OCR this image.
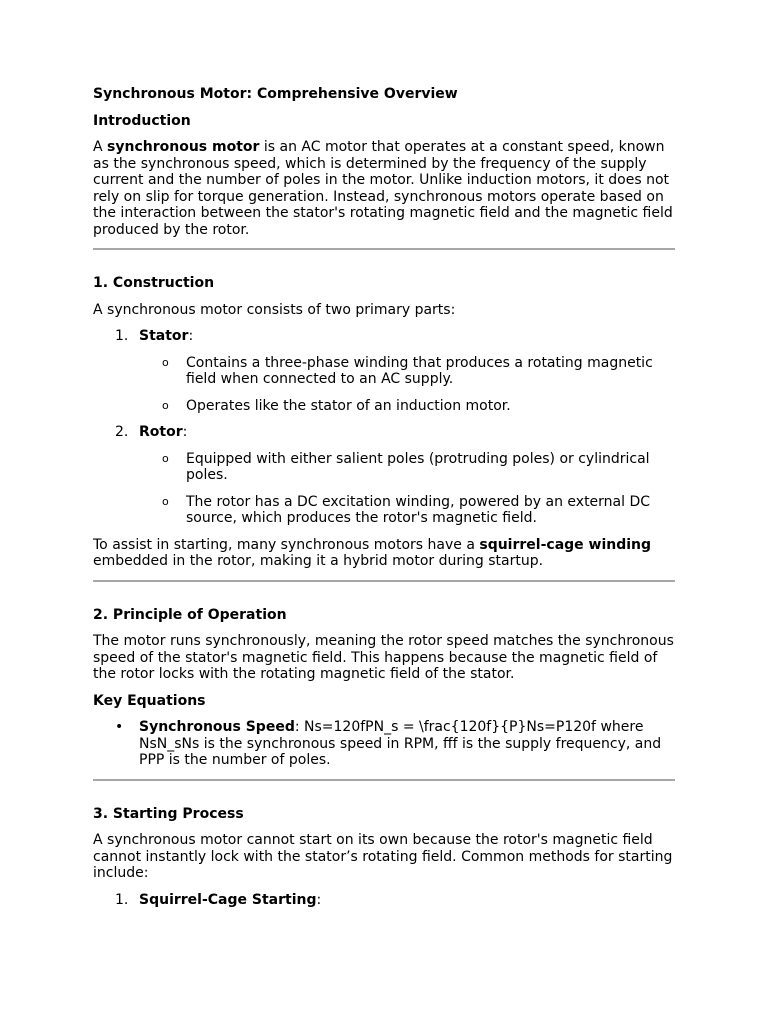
Synchronous Motor: Comprehensive Overview

Introduction

A synchronous motor is an AC motor that operates at a constant speed, known as the synchronous speed, which is determined by the frequency of the supply current and the number of poles in the motor. Unlike induction motors, it does not rely on slip for torque generation. Instead, synchronous motors operate based on the interaction between the stator's rotating magnetic field and the magnetic field produced by the rotor.

1. Construction

A synchronous motor consists of two primary parts:

1. Stator:
o Contains a three-phase winding that produces a rotating magnetic field when connected to an AC supply.
o Operates like the stator of an induction motor.
2. Rotor:
o Equipped with either salient poles (protruding poles) or cylindrical poles.
o The rotor has a DC excitation winding, powered by an external DC source, which produces the rotor's magnetic field.

To assist in starting, many synchronous motors have a squirrel-cage winding embedded in the rotor, making it a hybrid motor during startup.

2. Principle of Operation

The motor runs synchronously, meaning the rotor speed matches the synchronous speed of the stator's magnetic field. This happens because the magnetic field of the rotor locks with the rotating magnetic field of the stator.

Key Equations

• Synchronous Speed: Ns=120fPN_s = \frac{120f}{P}Ns=P120f where NsN_sNs is the synchronous speed in RPM, fff is the supply frequency, and PPP is the number of poles.

3. Starting Process

A synchronous motor cannot start on its own because the rotor's magnetic field cannot instantly lock with the stator’s rotating field. Common methods for starting include:

1. Squirrel-Cage Starting:
